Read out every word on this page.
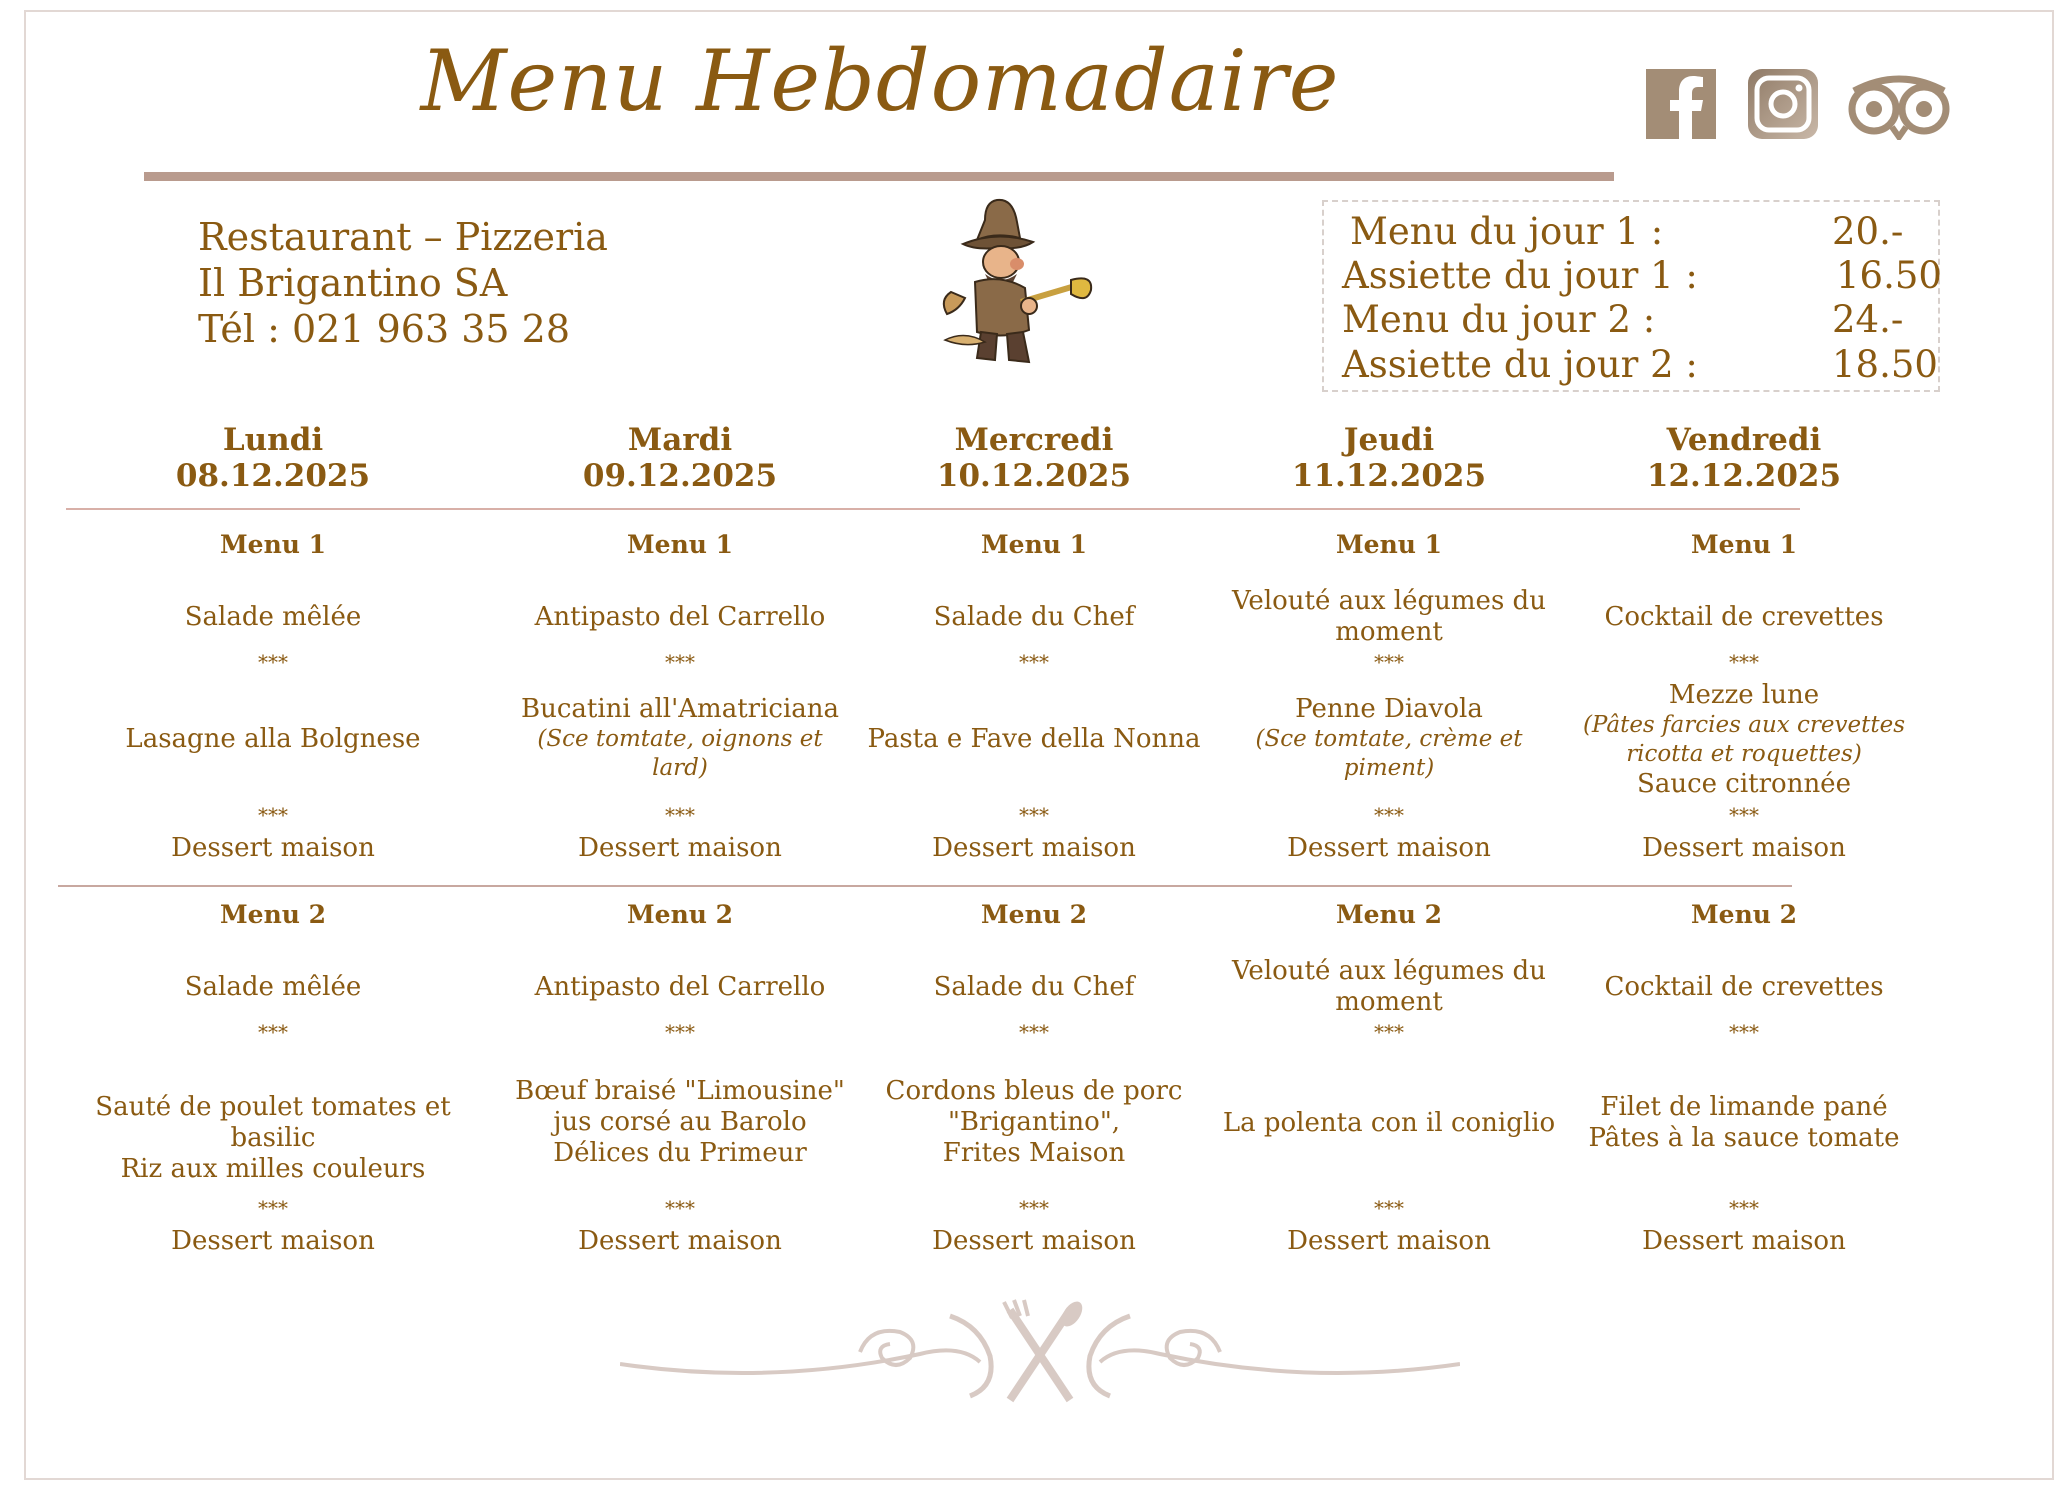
Menu Hebdomadaire
Restaurant – Pizzeria
Il Brigantino SA
Tél : 021 963 35 28
Menu du jour 1 :	20.-
Assiette du jour 1 :	16.50
Menu du jour 2 :	24.-
Assiette du jour 2 :	18.50
Lundi
08.12.2025
Menu 1
Salade mêlée
***
Lasagne alla Bolgnese
***
Dessert maison
Menu 2
Salade mêlée
***
Sauté de poulet tomates et basilic
Riz aux milles couleurs
***
Dessert maison
Mardi
09.12.2025
Menu 1
Antipasto del Carrello
***
Bucatini all'Amatriciana
(Sce tomtate, oignons et lard)
***
Dessert maison
Menu 2
Antipasto del Carrello
***
Bœuf braisé "Limousine"
jus corsé au Barolo
Délices du Primeur
***
Dessert maison
Mercredi
10.12.2025
Menu 1
Salade du Chef
***
Pasta e Fave della Nonna
***
Dessert maison
Menu 2
Salade du Chef
***
Cordons bleus de porc
"Brigantino",
Frites Maison
***
Dessert maison
Jeudi
11.12.2025
Menu 1
Velouté aux légumes du moment
***
Penne Diavola
(Sce tomtate, crème et piment)
***
Dessert maison
Menu 2
Velouté aux légumes du moment
***
La polenta con il coniglio
***
Dessert maison
Vendredi
12.12.2025
Menu 1
Cocktail de crevettes
***
Mezze lune
(Pâtes farcies aux crevettes ricotta et roquettes)
Sauce citronnée
***
Dessert maison
Menu 2
Cocktail de crevettes
***
Filet de limande pané
Pâtes à la sauce tomate
***
Dessert maison
